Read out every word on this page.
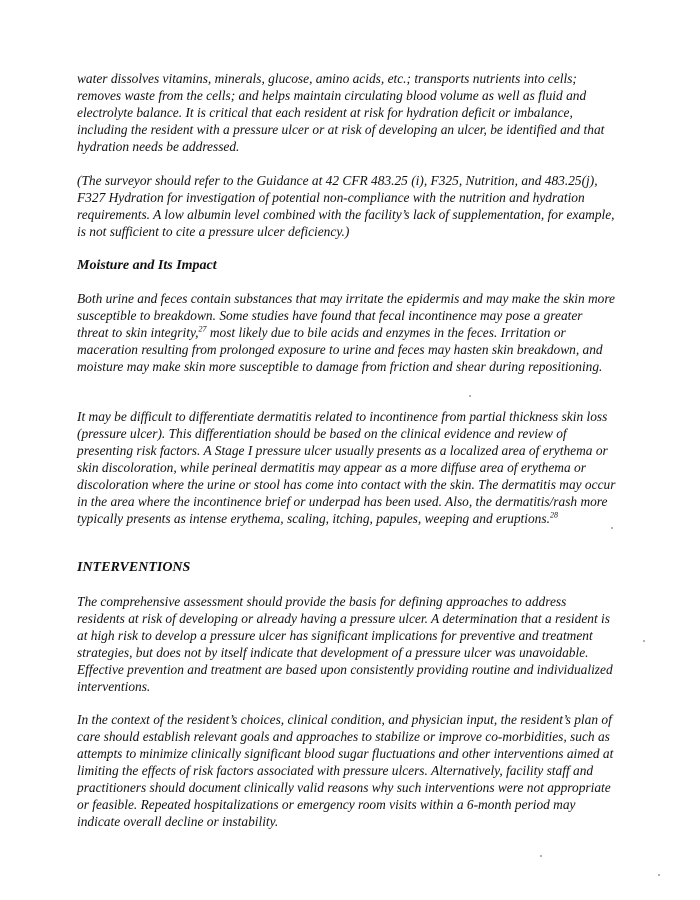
water dissolves vitamins, minerals, glucose, amino acids, etc.; transports nutrients into cells; removes waste from the cells; and helps maintain circulating blood volume as well as fluid and electrolyte balance. It is critical that each resident at risk for hydration deficit or imbalance, including the resident with a pressure ulcer or at risk of developing an ulcer, be identified and that hydration needs be addressed.

(The surveyor should refer to the Guidance at 42 CFR 483.25 (i), F325, Nutrition, and 483.25(j), F327 Hydration for investigation of potential non-compliance with the nutrition and hydration requirements. A low albumin level combined with the facility’s lack of supplementation, for example, is not sufficient to cite a pressure ulcer deficiency.)

Moisture and Its Impact

Both urine and feces contain substances that may irritate the epidermis and may make the skin more susceptible to breakdown. Some studies have found that fecal incontinence may pose a greater threat to skin integrity,$^{27}$ most likely due to bile acids and enzymes in the feces. Irritation or maceration resulting from prolonged exposure to urine and feces may hasten skin breakdown, and moisture may make skin more susceptible to damage from friction and shear during repositioning.

It may be difficult to differentiate dermatitis related to incontinence from partial thickness skin loss (pressure ulcer). This differentiation should be based on the clinical evidence and review of presenting risk factors. A Stage I pressure ulcer usually presents as a localized area of erythema or skin discoloration, while perineal dermatitis may appear as a more diffuse area of erythema or discoloration where the urine or stool has come into contact with the skin. The dermatitis may occur in the area where the incontinence brief or underpad has been used. Also, the dermatitis/rash more typically presents as intense erythema, scaling, itching, papules, weeping and eruptions.$^{28}$

INTERVENTIONS

The comprehensive assessment should provide the basis for defining approaches to address residents at risk of developing or already having a pressure ulcer. A determination that a resident is at high risk to develop a pressure ulcer has significant implications for preventive and treatment strategies, but does not by itself indicate that development of a pressure ulcer was unavoidable. Effective prevention and treatment are based upon consistently providing routine and individualized interventions.

In the context of the resident’s choices, clinical condition, and physician input, the resident’s plan of care should establish relevant goals and approaches to stabilize or improve co-morbidities, such as attempts to minimize clinically significant blood sugar fluctuations and other interventions aimed at limiting the effects of risk factors associated with pressure ulcers. Alternatively, facility staff and practitioners should document clinically valid reasons why such interventions were not appropriate or feasible. Repeated hospitalizations or emergency room visits within a 6-month period may indicate overall decline or instability.
